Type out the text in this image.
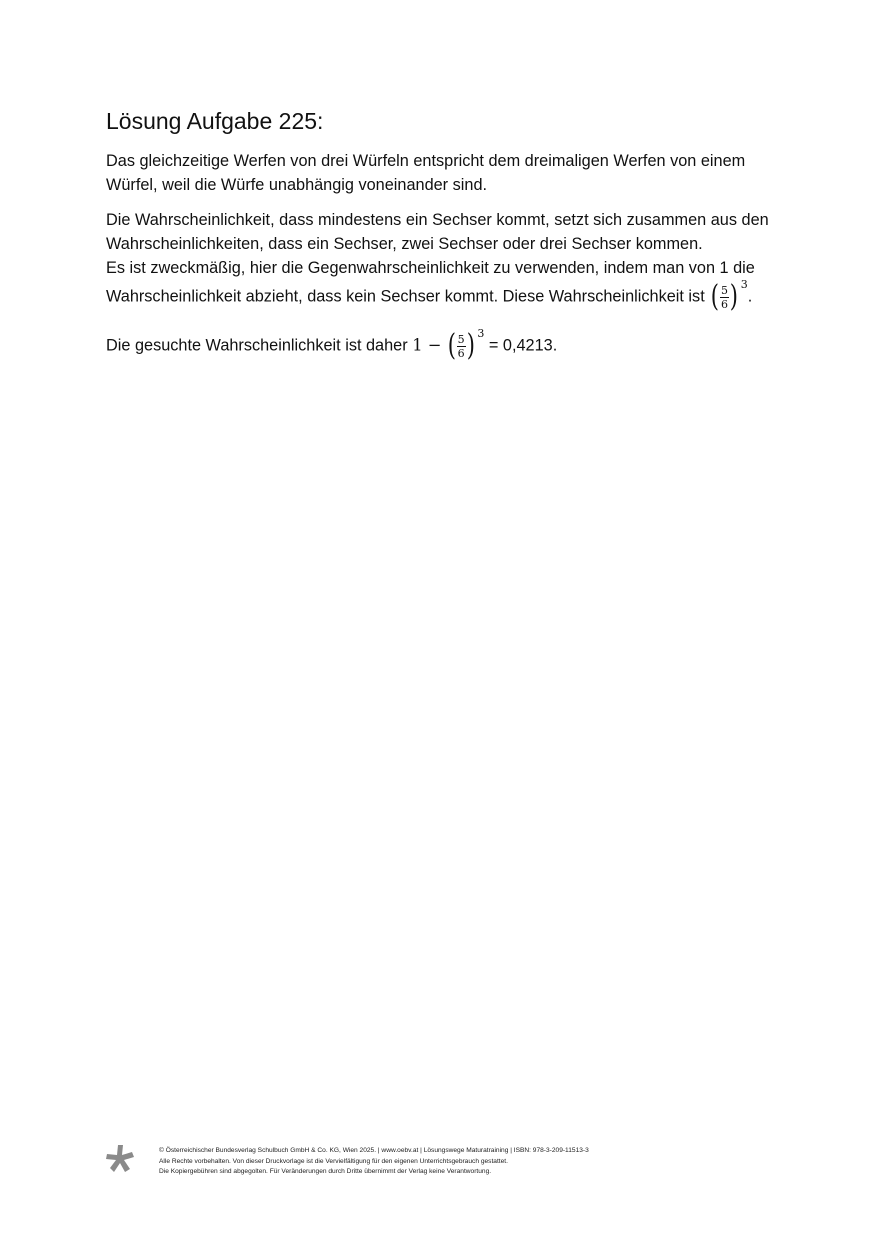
Lösung Aufgabe 225:

Das gleichzeitige Werfen von drei Würfeln entspricht dem dreimaligen Werfen von einem Würfel, weil die Würfe unabhängig voneinander sind.

Die Wahrscheinlichkeit, dass mindestens ein Sechser kommt, setzt sich zusammen aus den Wahrscheinlichkeiten, dass ein Sechser, zwei Sechser oder drei Sechser kommen.
Es ist zweckmäßig, hier die Gegenwahrscheinlichkeit zu verwenden, indem man von 1 die

Wahrscheinlichkeit abzieht, dass kein Sechser kommt. Diese Wahrscheinlichkeit ist ( $\frac{5}{6}$ ) 3
.
Die gesuchte Wahrscheinlichkeit ist daher 1 − ( $\frac{5}{6}$ ) 3
= 0,4213.
© Österreichischer Bundesverlag Schulbuch GmbH & Co. KG, Wien 2025. | www.oebv.at | Lösungswege Maturatraining | ISBN: 978-3-209-11513-3
Alle Rechte vorbehalten. Von dieser Druckvorlage ist die Vervielfältigung für den eigenen Unterrichtsgebrauch gestattet.
Die Kopiergebühren sind abgegolten. Für Veränderungen durch Dritte übernimmt der Verlag keine Verantwortung.
